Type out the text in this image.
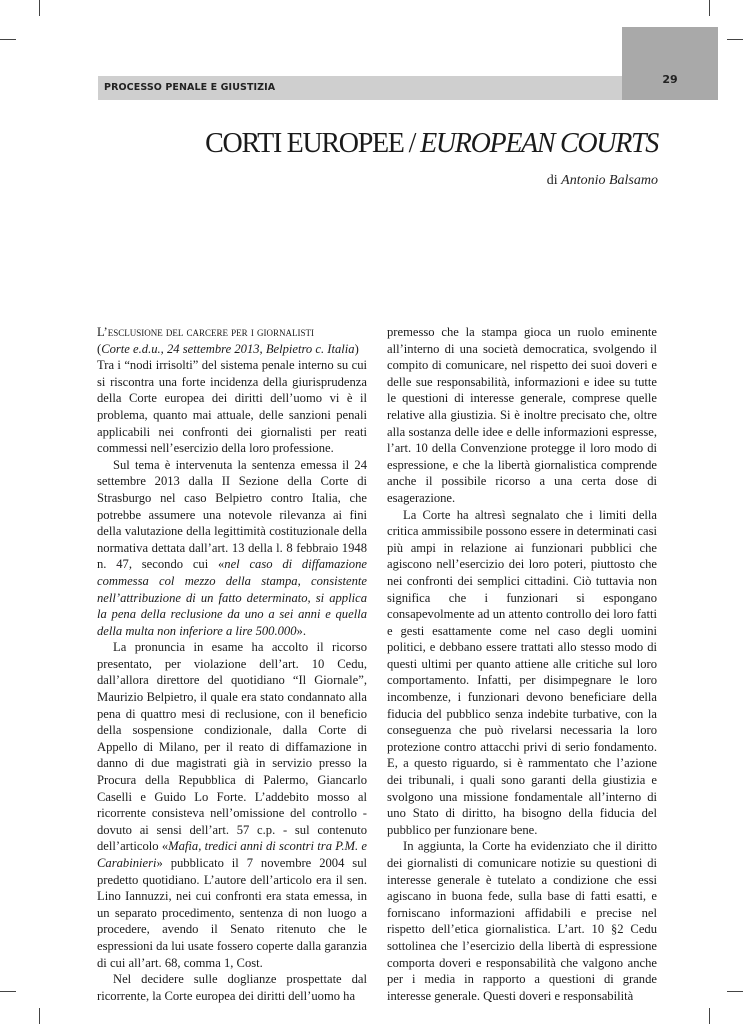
PROCESSO PENALE E GIUSTIZIA
29
CORTI EUROPEE / EUROPEAN COURTS
di Antonio Balsamo

L’esclusione del carcere per i giornalisti

(Corte e.d.u., 24 settembre 2013, Belpietro c. Italia)

Tra i “nodi irrisolti” del sistema penale interno su cui si riscontra una forte incidenza della giurisprudenza della Corte europea dei diritti dell’uomo vi è il problema, quanto mai attuale, delle sanzioni penali applicabili nei confronti dei giornalisti per reati commessi nell’esercizio della loro professione.

Sul tema è intervenuta la sentenza emessa il 24 settembre 2013 dalla II Sezione della Corte di Strasburgo nel caso Belpietro contro Italia, che potrebbe assumere una notevole rilevanza ai fini della valutazione della legittimità costituzionale della normativa dettata dall’art. 13 della l. 8 febbraio 1948 n. 47, secondo cui «nel caso di diffamazione commessa col mezzo della stampa, consistente nell’attribuzione di un fatto determinato, si applica la pena della reclusione da uno a sei anni e quella della multa non inferiore a lire 500.000».

La pronuncia in esame ha accolto il ricorso presentato, per violazione dell’art. 10 Cedu, dall’allora direttore del quotidiano “Il Giornale”, Maurizio Belpietro, il quale era stato condannato alla pena di quattro mesi di reclusione, con il beneficio della sospensione condizionale, dalla Corte di Appello di Milano, per il reato di diffamazione in danno di due magistrati già in servizio presso la Procura della Repubblica di Palermo, Giancarlo Caselli e Guido Lo Forte. L’addebito mosso al ricorrente consisteva nell’omissione del controllo - dovuto ai sensi dell’art. 57 c.p. - sul contenuto dell’articolo «Mafia, tredici anni di scontri tra P.M. e Carabinieri» pubblicato il 7 novembre 2004 sul predetto quotidiano. L’autore dell’articolo era il sen. Lino Iannuzzi, nei cui confronti era stata emessa, in un separato procedimento, sentenza di non luogo a procedere, avendo il Senato ritenuto che le espressioni da lui usate fossero coperte dalla garanzia di cui all’art. 68, comma 1, Cost.

Nel decidere sulle doglianze prospettate dal ricorrente, la Corte europea dei diritti dell’uomo ha

premesso che la stampa gioca un ruolo eminente all’interno di una società democratica, svolgendo il compito di comunicare, nel rispetto dei suoi doveri e delle sue responsabilità, informazioni e idee su tutte le questioni di interesse generale, comprese quelle relative alla giustizia. Si è inoltre precisato che, oltre alla sostanza delle idee e delle informazioni espresse, l’art. 10 della Convenzione protegge il loro modo di espressione, e che la libertà giornalistica comprende anche il possibile ricorso a una certa dose di esagerazione.

La Corte ha altresì segnalato che i limiti della critica ammissibile possono essere in determinati casi più ampi in relazione ai funzionari pubblici che agiscono nell’esercizio dei loro poteri, piuttosto che nei confronti dei semplici cittadini. Ciò tuttavia non significa che i funzionari si espongano consapevolmente ad un attento controllo dei loro fatti e gesti esattamente come nel caso degli uomini politici, e debbano essere trattati allo stesso modo di questi ultimi per quanto attiene alle critiche sul loro comportamento. Infatti, per disimpegnare le loro incombenze, i funzionari devono beneficiare della fiducia del pubblico senza indebite turbative, con la conseguenza che può rivelarsi necessaria la loro protezione contro attacchi privi di serio fondamento. E, a questo riguardo, si è rammentato che l’azione dei tribunali, i quali sono garanti della giustizia e svolgono una missione fondamentale all’interno di uno Stato di diritto, ha bisogno della fiducia del pubblico per funzionare bene.

In aggiunta, la Corte ha evidenziato che il diritto dei giornalisti di comunicare notizie su questioni di interesse generale è tutelato a condizione che essi agiscano in buona fede, sulla base di fatti esatti, e forniscano informazioni affidabili e precise nel rispetto dell’etica giornalistica. L’art. 10 §2 Cedu sottolinea che l’esercizio della libertà di espressione comporta doveri e responsabilità che valgono anche per i media in rapporto a questioni di grande interesse generale. Questi doveri e responsabilità
